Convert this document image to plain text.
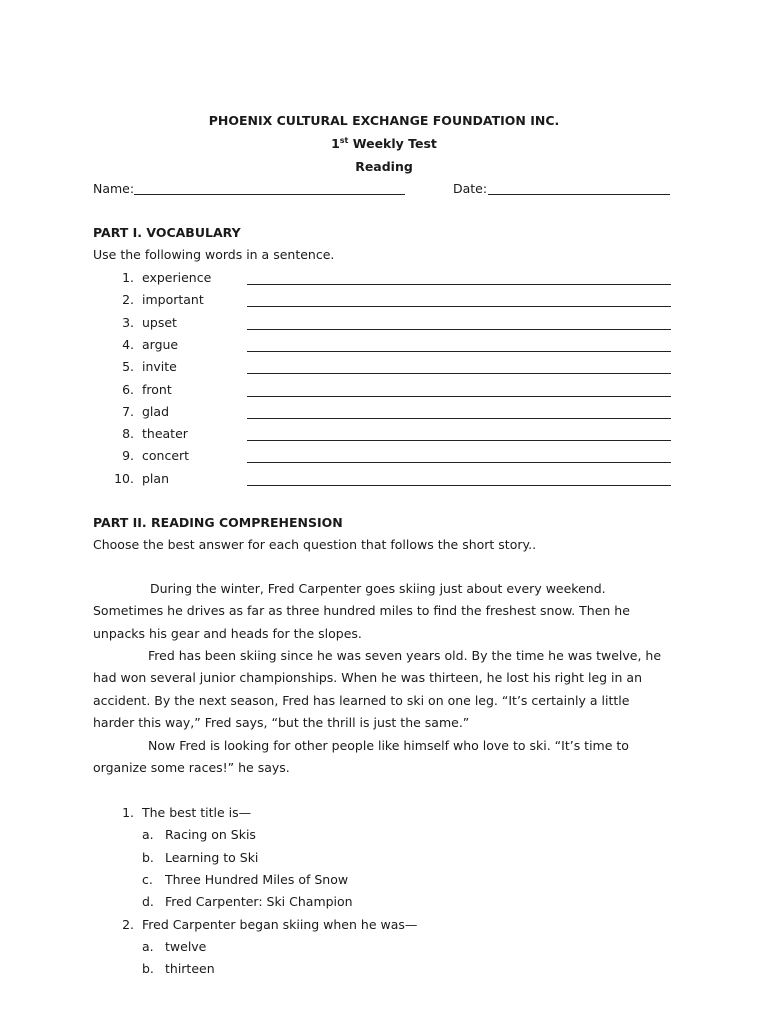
PHOENIX CULTURAL EXCHANGE FOUNDATION INC.
1st Weekly Test
Reading
Name:	Date:
PART I. VOCABULARY
Use the following words in a sentence.
1. experience
2. important
3. upset
4. argue
5. invite
6. front
7. glad
8. theater
9. concert
10. plan
PART II. READING COMPREHENSION
Choose the best answer for each question that follows the short story..
During the winter, Fred Carpenter goes skiing just about every weekend. Sometimes he drives as far as three hundred miles to find the freshest snow. Then he unpacks his gear and heads for the slopes.
Fred has been skiing since he was seven years old. By the time he was twelve, he had won several junior championships. When he was thirteen, he lost his right leg in an accident. By the next season, Fred has learned to ski on one leg. “It’s certainly a little harder this way,” Fred says, “but the thrill is just the same.”
Now Fred is looking for other people like himself who love to ski. “It’s time to organize some races!” he says.
1. The best title is—
a. Racing on Skis
b. Learning to Ski
c. Three Hundred Miles of Snow
d. Fred Carpenter: Ski Champion
2. Fred Carpenter began skiing when he was—
a. twelve
b. thirteen
